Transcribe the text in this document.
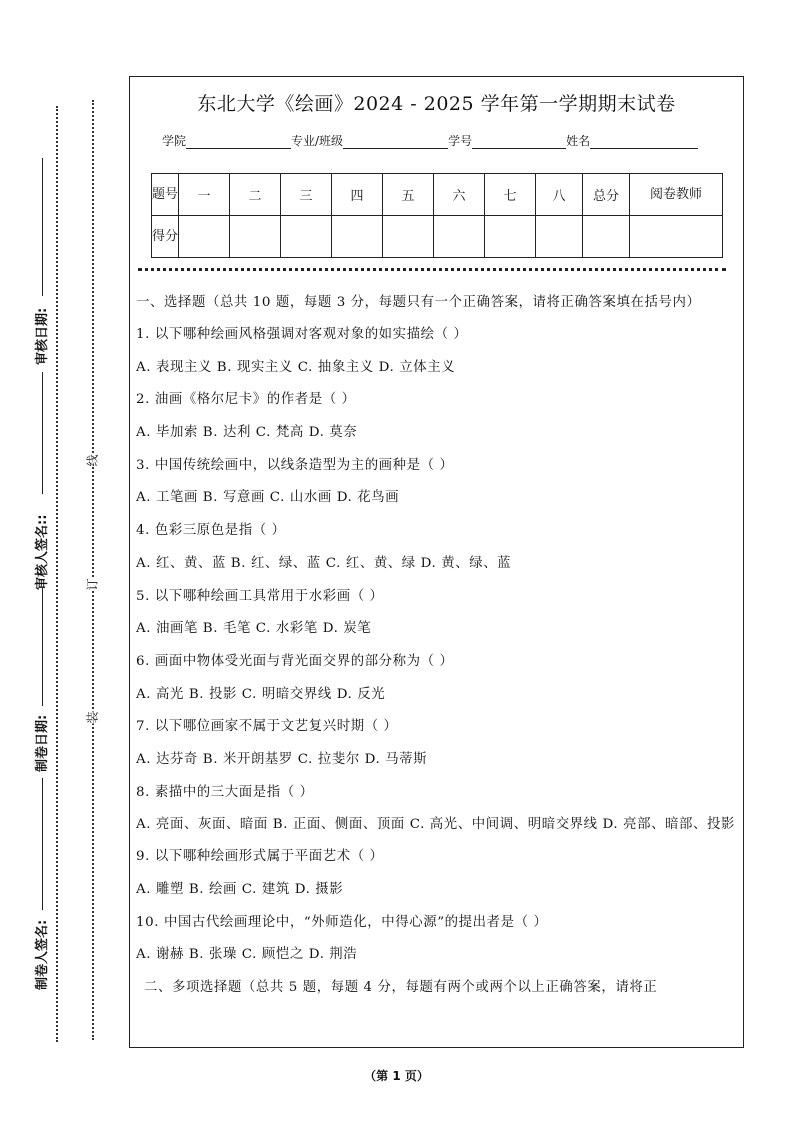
审核日期:
审核人签名::
制卷日期:
制卷人签名:
线
订
装
东北大学《绘画》2024 - 2025 学年第一学期期末试卷
学院	专业/班级	学号	姓名
题号	一	二	三	四	五	六	七	八	总分	阅卷教师
得分										
一、选择题（总共 10 题，每题 3 分，每题只有一个正确答案，请将正确答案填在括号内）
1. 以下哪种绘画风格强调对客观对象的如实描绘（ ）
A. 表现主义 B. 现实主义 C. 抽象主义 D. 立体主义
2. 油画《格尔尼卡》的作者是（ ）
A. 毕加索 B. 达利 C. 梵高 D. 莫奈
3. 中国传统绘画中，以线条造型为主的画种是（ ）
A. 工笔画 B. 写意画 C. 山水画 D. 花鸟画
4. 色彩三原色是指（ ）
A. 红、黄、蓝 B. 红、绿、蓝 C. 红、黄、绿 D. 黄、绿、蓝
5. 以下哪种绘画工具常用于水彩画（ ）
A. 油画笔 B. 毛笔 C. 水彩笔 D. 炭笔
6. 画面中物体受光面与背光面交界的部分称为（ ）
A. 高光 B. 投影 C. 明暗交界线 D. 反光
7. 以下哪位画家不属于文艺复兴时期（ ）
A. 达芬奇 B. 米开朗基罗 C. 拉斐尔 D. 马蒂斯
8. 素描中的三大面是指（ ）
A. 亮面、灰面、暗面 B. 正面、侧面、顶面 C. 高光、中间调、明暗交界线 D. 亮部、暗部、投影
9. 以下哪种绘画形式属于平面艺术（ ）
A. 雕塑 B. 绘画 C. 建筑 D. 摄影
10. 中国古代绘画理论中，“外师造化，中得心源”的提出者是（ ）
A. 谢赫 B. 张璪 C. 顾恺之 D. 荆浩
二、多项选择题（总共 5 题，每题 4 分，每题有两个或两个以上正确答案，请将正
（第 1 页）
